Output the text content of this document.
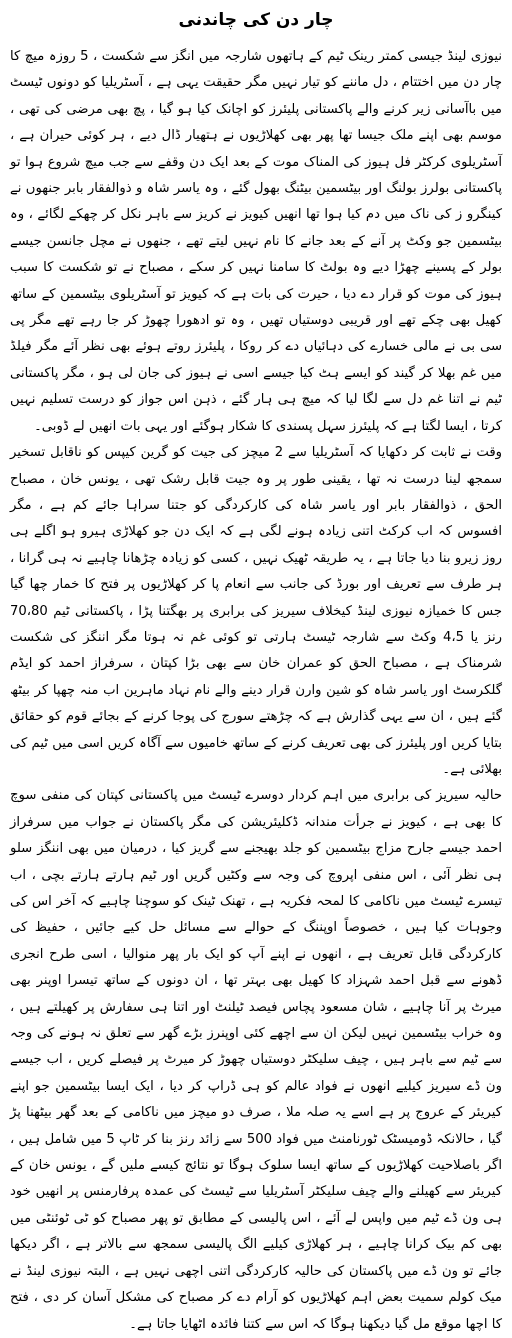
چار دن کی چاندنی

نیوزی لینڈ جیسی کمتر رینک ٹیم کے ہاتھوں شارجہ میں انگز سے شکست ، 5 روزہ میچ کا چار دن میں اختتام ، دل ماننے کو تیار نہیں مگر حقیقت یہی ہے ، آسٹریلیا کو دونوں ٹیسٹ میں باآسانی زیر کرنے والے پاکستانی پلیئرز کو اچانک کیا ہو گیا ، پچ بھی مرضی کی تھی ، موسم بھی اپنے ملک جیسا تھا پھر بھی کھلاڑیوں نے ہتھیار ڈال دیے ، ہر کوئی حیران ہے ، آسٹریلوی کرکٹر فل ہیوز کی المناک موت کے بعد ایک دن وقفے سے جب میچ شروع ہوا تو پاکستانی بولرز بولنگ اور بیٹسمین بیٹنگ بھول گئے ، وہ یاسر شاہ و ذوالفقار بابر جنھوں نے کینگرو ز کی ناک میں دم کیا ہوا تھا انھیں کیویز نے کریز سے باہر نکل کر چھکے لگائے ، وہ بیٹسمین جو وکٹ پر آنے کے بعد جانے کا نام نہیں لیتے تھے ، جنھوں نے مچل جانسن جیسے بولر کے پسینے چھڑا دیے وہ بولٹ کا سامنا نہیں کر سکے ، مصباح نے تو شکست کا سبب ہیوز کی موت کو قرار دے دیا ، حیرت کی بات ہے کہ کیویز تو آسٹریلوی بیٹسمین کے ساتھ کھیل بھی چکے تھے اور قریبی دوستیاں تھیں ، وہ تو ادھورا چھوڑ کر جا رہے تھے مگر پی سی بی نے مالی خسارے کی دہائیاں دے کر روکا ، پلیئرز روتے ہوئے بھی نظر آئے مگر فیلڈ میں غم بھلا کر گیند کو ایسے ہٹ کیا جیسے اسی نے ہیوز کی جان لی ہو ، مگر پاکستانی ٹیم نے اتنا غم دل سے لگا لیا کہ میچ ہی ہار گئے ، ذہن اس جواز کو درست تسلیم نہیں کرتا ، ایسا لگتا ہے کہ پلیئرز سہل پسندی کا شکار ہوگئے اور یہی بات انھیں لے ڈوبی۔

وقت نے ثابت کر دکھایا کہ آسٹریلیا سے 2 میچز کی جیت کو گرین کیپس کو ناقابل تسخیر سمجھ لینا درست نہ تھا ، یقینی طور پر وہ جیت قابل رشک تھی ، یونس خان ، مصباح الحق ، ذوالفقار بابر اور یاسر شاہ کی کارکردگی کو جتنا سراہا جائے کم ہے ، مگر افسوس کہ اب کرکٹ اتنی زیادہ ہونے لگی ہے کہ ایک دن جو کھلاڑی ہیرو ہو اگلے ہی روز زیرو بنا دیا جاتا ہے ، یہ طریقہ ٹھیک نہیں ، کسی کو زیادہ چڑھانا چاہیے نہ ہی گرانا ، ہر طرف سے تعریف اور بورڈ کی جانب سے انعام پا کر کھلاڑیوں پر فتح کا خمار چھا گیا جس کا خمیازہ نیوزی لینڈ کیخلاف سیریز کی برابری پر بھگتنا پڑا ، پاکستانی ٹیم 70،80 رنز یا 4،5 وکٹ سے شارجہ ٹیسٹ ہارتی تو کوئی غم نہ ہوتا مگر اننگز کی شکست شرمناک ہے ، مصباح الحق کو عمران خان سے بھی بڑا کپتان ، سرفراز احمد کو ایڈم گلکرسٹ اور یاسر شاہ کو شین وارن قرار دینے والے نام نہاد ماہرین اب منہ چھپا کر بیٹھ گئے ہیں ، ان سے یہی گذارش ہے کہ چڑھتے سورج کی پوجا کرنے کے بجائے قوم کو حقائق بتایا کریں اور پلیئرز کی بھی تعریف کرنے کے ساتھ خامیوں سے آگاہ کریں اسی میں ٹیم کی بھلائی ہے۔

حالیہ سیریز کی برابری میں اہم کردار دوسرے ٹیسٹ میں پاکستانی کپتان کی منفی سوچ کا بھی ہے ، کیویز نے جرأت مندانہ ڈکلیئریشن کی مگر پاکستان نے جواب میں سرفراز احمد جیسے جارح مزاج بیٹسمین کو جلد بھیجنے سے گریز کیا ، درمیان میں بھی اننگز سلو ہی نظر آئی ، اس منفی اپروچ کی وجہ سے وکٹیں گریں اور ٹیم ہارتے ہارتے بچی ، اب تیسرے ٹیسٹ میں ناکامی کا لمحہ فکریہ ہے ، تھنک ٹینک کو سوچنا چاہیے کہ آخر اس کی وجوہات کیا ہیں ، خصوصاً اوپننگ کے حوالے سے مسائل حل کیے جائیں ، حفیظ کی کارکردگی قابل تعریف ہے ، انھوں نے اپنے آپ کو ایک بار پھر منوالیا ، اسی طرح انجری ڈھونے سے قبل احمد شہزاد کا کھیل بھی بہتر تھا ، ان دونوں کے ساتھ تیسرا اوپنر بھی میرٹ پر آنا چاہیے ، شان مسعود پچاس فیصد ٹیلنٹ اور اتنا ہی سفارش پر کھیلتے ہیں ، وہ خراب بیٹسمین نہیں لیکن ان سے اچھے کئی اوپنرز بڑے گھر سے تعلق نہ ہونے کی وجہ سے ٹیم سے باہر ہیں ، چیف سلیکٹر دوستیاں چھوڑ کر میرٹ پر فیصلے کریں ، اب جیسے ون ڈے سیریز کیلیے انھوں نے فواد عالم کو ہی ڈراپ کر دیا ، ایک ایسا بیٹسمین جو اپنے کیریئر کے عروج پر ہے اسے یہ صلہ ملا ، صرف دو میچز میں ناکامی کے بعد گھر بیٹھنا پڑ گیا ، حالانکہ ڈومیسٹک ٹورنامنٹ میں فواد 500 سے زائد رنز بنا کر ٹاپ 5 میں شامل ہیں ، اگر باصلاحیت کھلاڑیوں کے ساتھ ایسا سلوک ہوگا تو نتائج کیسے ملیں گے ، یونس خان کے کیریئر سے کھیلنے والے چیف سلیکٹر آسٹریلیا سے ٹیسٹ کی عمدہ پرفارمنس پر انھیں خود ہی ون ڈے ٹیم میں واپس لے آئے ، اس پالیسی کے مطابق تو پھر مصباح کو ٹی ٹوئنٹی میں بھی کم بیک کرانا چاہیے ، ہر کھلاڑی کیلیے الگ پالیسی سمجھ سے بالاتر ہے ، اگر دیکھا جائے تو ون ڈے میں پاکستان کی حالیہ کارکردگی اتنی اچھی نہیں ہے ، البتہ نیوزی لینڈ نے میک کولم سمیت بعض اہم کھلاڑیوں کو آرام دے کر مصباح کی مشکل آسان کر دی ، فتح کا اچھا موقع مل گیا دیکھنا ہوگا کہ اس سے کتنا فائدہ اٹھایا جاتا ہے۔
